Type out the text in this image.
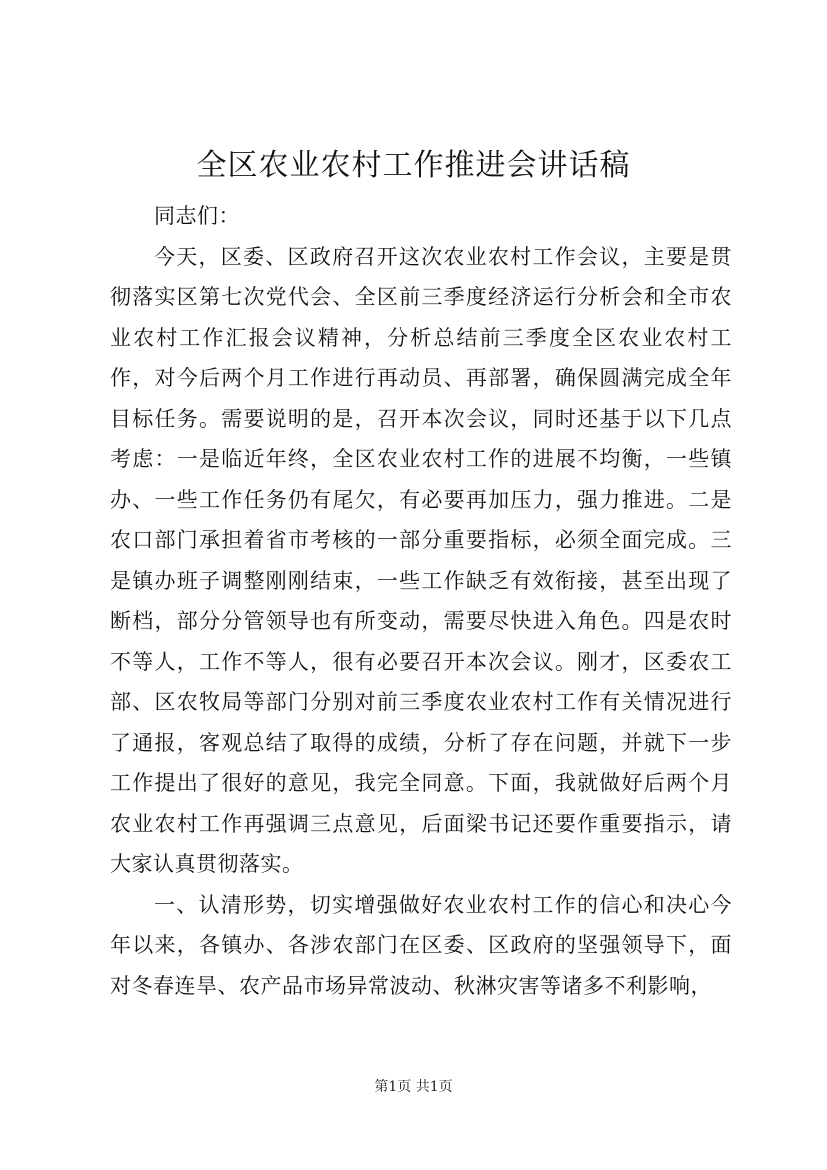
全区农业农村工作推进会讲话稿

同志们：

今天，区委、区政府召开这次农业农村工作会议，主要是贯彻落实区第七次党代会、全区前三季度经济运行分析会和全市农业农村工作汇报会议精神，分析总结前三季度全区农业农村工作，对今后两个月工作进行再动员、再部署，确保圆满完成全年目标任务。需要说明的是，召开本次会议，同时还基于以下几点考虑：一是临近年终，全区农业农村工作的进展不均衡，一些镇办、一些工作任务仍有尾欠，有必要再加压力，强力推进。二是农口部门承担着省市考核的一部分重要指标，必须全面完成。三是镇办班子调整刚刚结束，一些工作缺乏有效衔接，甚至出现了断档，部分分管领导也有所变动，需要尽快进入角色。四是农时不等人，工作不等人，很有必要召开本次会议。刚才，区委农工部、区农牧局等部门分别对前三季度农业农村工作有关情况进行了通报，客观总结了取得的成绩，分析了存在问题，并就下一步工作提出了很好的意见，我完全同意。下面，我就做好后两个月农业农村工作再强调三点意见，后面梁书记还要作重要指示，请大家认真贯彻落实。

一、认清形势，切实增强做好农业农村工作的信心和决心今年以来，各镇办、各涉农部门在区委、区政府的坚强领导下，面对冬春连旱、农产品市场异常波动、秋淋灾害等诸多不利影响，

第1页 共1页
